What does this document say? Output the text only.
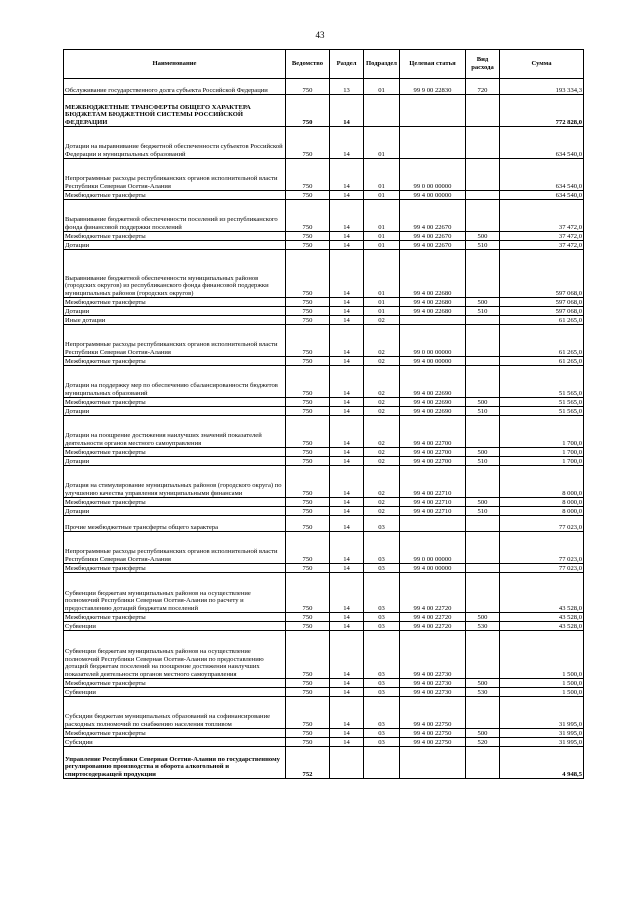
43
Наименование	Ведомство	Раздел	Подраздел	Целевая статья	Вид расхода	Сумма
Обслуживание государственного долга субъекта Российской Федерации	750	13	01	99 9 00 22830	720	193 334,3
МЕЖБЮДЖЕТНЫЕ ТРАНСФЕРТЫ ОБЩЕГО ХАРАКТЕРА БЮДЖЕТАМ БЮДЖЕТНОЙ СИСТЕМЫ РОССИЙСКОЙ ФЕДЕРАЦИИ	750	14				772 828,0
Дотации на выравнивание бюджетной обеспеченности субъектов Российской Федерации и муниципальных образований	750	14	01			634 540,0
Непрограммные расходы республиканских органов исполнительной власти Республики Северная Осетия-Алания	750	14	01	99 0 00 00000		634 540,0
Межбюджетные трансферты	750	14	01	99 4 00 00000		634 540,0
Выравнивание бюджетной обеспеченности поселений из республиканского фонда финансовой поддержки поселений	750	14	01	99 4 00 22670		37 472,0
Межбюджетные трансферты	750	14	01	99 4 00 22670	500	37 472,0
Дотации	750	14	01	99 4 00 22670	510	37 472,0
Выравнивание бюджетной обеспеченности муниципальных районов (городских округов) из республиканского фонда финансовой поддержки муниципальных районов (городских округов)	750	14	01	99 4 00 22680		597 068,0
Межбюджетные трансферты	750	14	01	99 4 00 22680	500	597 068,0
Дотации	750	14	01	99 4 00 22680	510	597 068,0
Иные дотации	750	14	02			61 265,0
Непрограммные расходы республиканских органов исполнительной власти Республики Северная Осетия-Алания	750	14	02	99 0 00 00000		61 265,0
Межбюджетные трансферты	750	14	02	99 4 00 00000		61 265,0
Дотации на поддержку мер по обеспечению сбалансированности бюджетов муниципальных образований	750	14	02	99 4 00 22690		51 565,0
Межбюджетные трансферты	750	14	02	99 4 00 22690	500	51 565,0
Дотации	750	14	02	99 4 00 22690	510	51 565,0
Дотации на поощрение достижения наилучших значений показателей деятельности органов местного самоуправления	750	14	02	99 4 00 22700		1 700,0
Межбюджетные трансферты	750	14	02	99 4 00 22700	500	1 700,0
Дотации	750	14	02	99 4 00 22700	510	1 700,0
Дотация на стимулирование муниципальных районов (городского округа) по улучшению качества управления муниципальными финансами	750	14	02	99 4 00 22710		8 000,0
Межбюджетные трансферты	750	14	02	99 4 00 22710	500	8 000,0
Дотации	750	14	02	99 4 00 22710	510	8 000,0
Прочие межбюджетные трансферты общего характера	750	14	03			77 023,0
Непрограммные расходы республиканских органов исполнительной власти Республики Северная Осетия-Алания	750	14	03	99 0 00 00000		77 023,0
Межбюджетные трансферты	750	14	03	99 4 00 00000		77 023,0
Субвенции бюджетам муниципальных районов на осуществление полномочий Республики Северная Осетия-Алания по расчету и предоставлению дотаций бюджетам поселений	750	14	03	99 4 00 22720		43 528,0
Межбюджетные трансферты	750	14	03	99 4 00 22720	500	43 528,0
Субвенции	750	14	03	99 4 00 22720	530	43 528,0
Субвенции бюджетам муниципальных районов на осуществление полномочий Республики Северная Осетия-Алания по предоставлению дотаций бюджетам поселений на поощрение достижения наилучших показателей деятельности органов местного самоуправления	750	14	03	99 4 00 22730		1 500,0
Межбюджетные трансферты	750	14	03	99 4 00 22730	500	1 500,0
Субвенции	750	14	03	99 4 00 22730	530	1 500,0
Субсидии бюджетам муниципальных образований на софинансирование расходных полномочий по снабжению населения топливом	750	14	03	99 4 00 22750		31 995,0
Межбюджетные трансферты	750	14	03	99 4 00 22750	500	31 995,0
Субсидии	750	14	03	99 4 00 22750	520	31 995,0
Управление Республики Северная Осетия-Алания по государственному регулированию производства и оборота алкогольной и спиртосодержащей продукции	752					4 948,5
